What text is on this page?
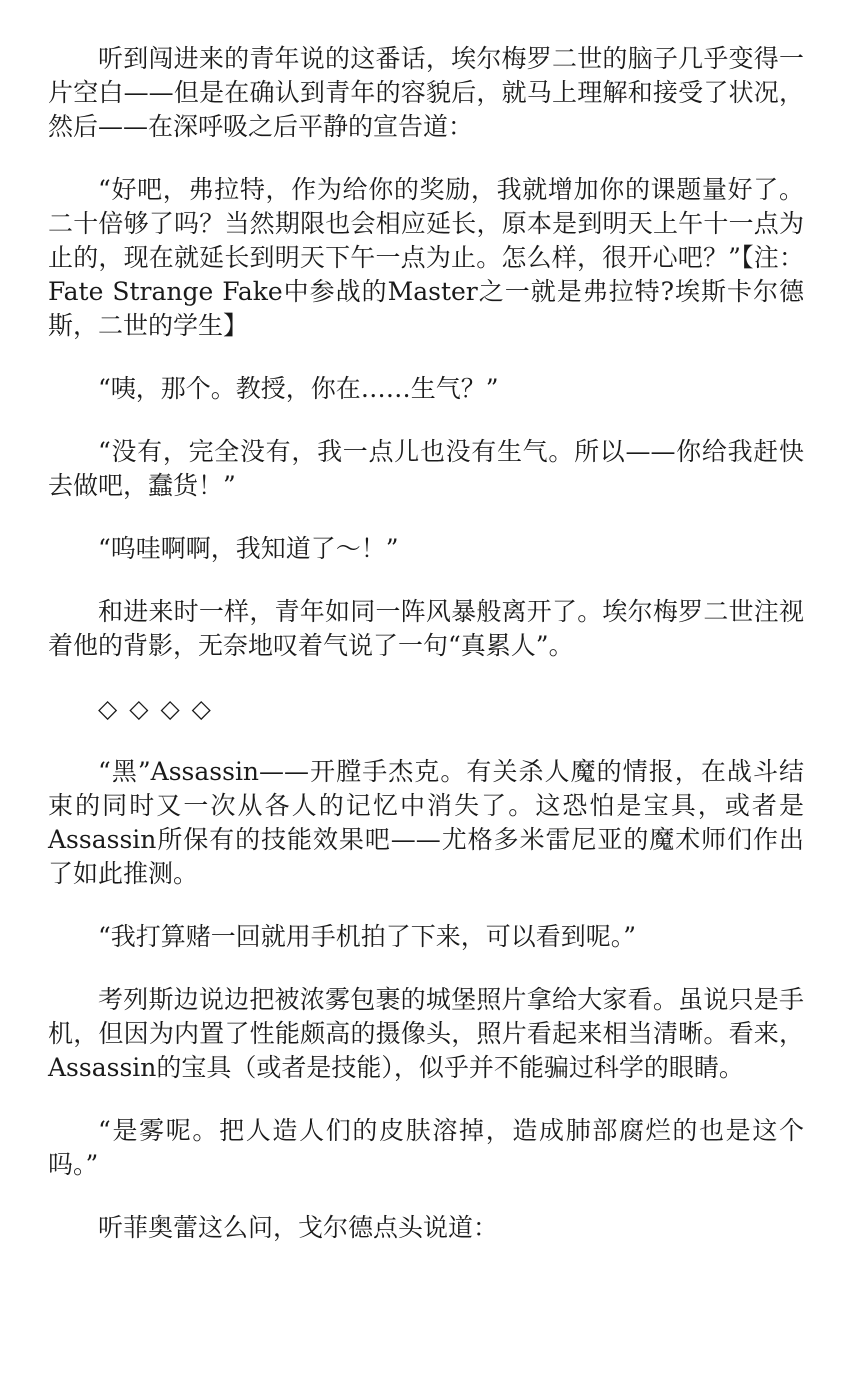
听到闯进来的青年说的这番话，埃尔梅罗二世的脑子几乎变得一片空白——但是在确认到青年的容貌后，就马上理解和接受了状况，然后——在深呼吸之后平静的宣告道：

“好吧，弗拉特，作为给你的奖励，我就增加你的课题量好了。二十倍够了吗？当然期限也会相应延长，原本是到明天上午十一点为止的，现在就延长到明天下午一点为止。怎么样，很开心吧？”【注： Fate Strange Fake中参战的Master之一就是弗拉特?埃斯卡尔德斯，二世的学生】

“咦，那个。教授，你在……生气？”

“没有，完全没有，我一点儿也没有生气。所以——你给我赶快去做吧，蠢货！”

“呜哇啊啊，我知道了～！”

和进来时一样，青年如同一阵风暴般离开了。埃尔梅罗二世注视着他的背影，无奈地叹着气说了一句“真累人”。

◇◇◇◇

“黑”Assassin——开膛手杰克。有关杀人魔的情报，在战斗结束的同时又一次从各人的记忆中消失了。这恐怕是宝具，或者是Assassin所保有的技能效果吧——尤格多米雷尼亚的魔术师们作出了如此推测。

“我打算赌一回就用手机拍了下来，可以看到呢。”

考列斯边说边把被浓雾包裹的城堡照片拿给大家看。虽说只是手机，但因为内置了性能颇高的摄像头，照片看起来相当清晰。看来，Assassin的宝具（或者是技能），似乎并不能骗过科学的眼睛。

“是雾呢。把人造人们的皮肤溶掉，造成肺部腐烂的也是这个吗。”

听菲奥蕾这么问，戈尔德点头说道：
